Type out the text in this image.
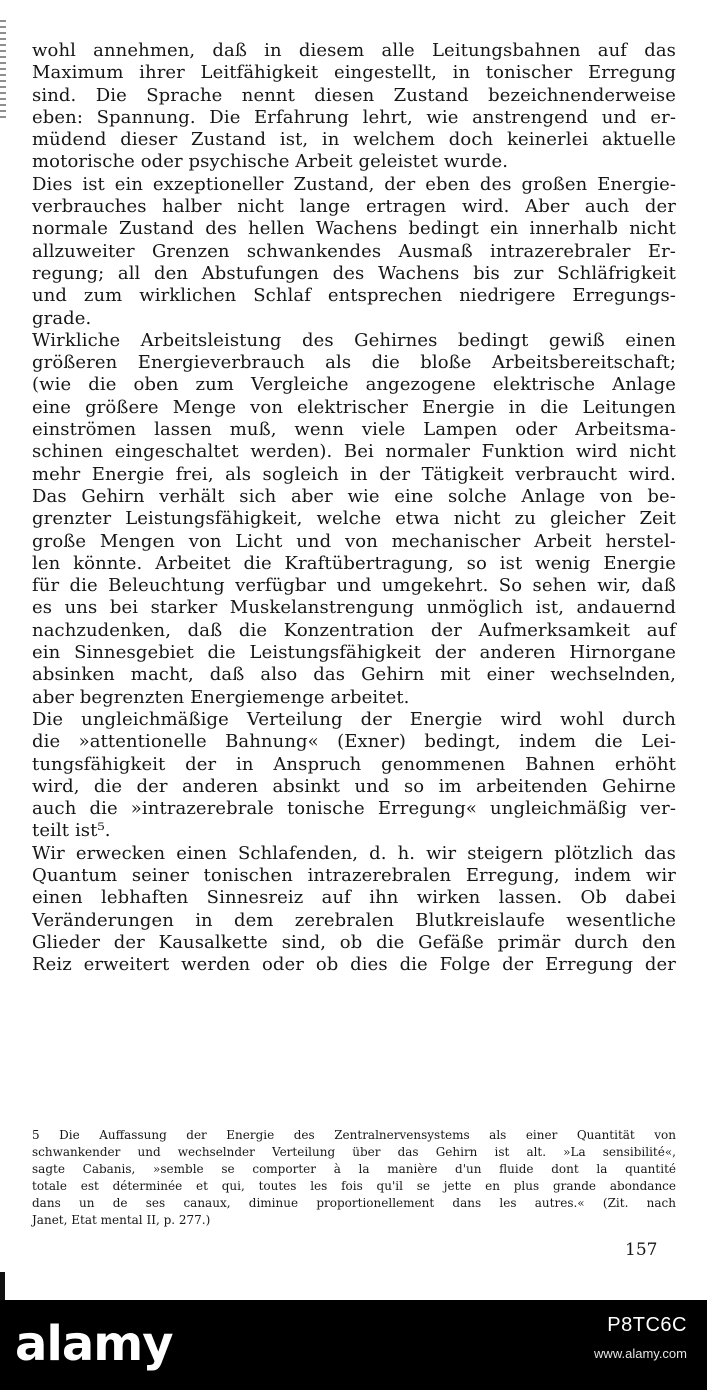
wohl annehmen, daß in diesem alle Leitungsbahnen auf das
Maximum ihrer Leitfähigkeit eingestellt, in tonischer Erregung
sind. Die Sprache nennt diesen Zustand bezeichnenderweise
eben: Spannung. Die Erfahrung lehrt, wie anstrengend und er-
müdend dieser Zustand ist, in welchem doch keinerlei aktuelle
motorische oder psychische Arbeit geleistet wurde.

Dies ist ein exzeptioneller Zustand, der eben des großen Energie-
verbrauches halber nicht lange ertragen wird. Aber auch der
normale Zustand des hellen Wachens bedingt ein innerhalb nicht
allzuweiter Grenzen schwankendes Ausmaß intrazerebraler Er-
regung; all den Abstufungen des Wachens bis zur Schläfrigkeit
und zum wirklichen Schlaf entsprechen niedrigere Erregungs-
grade.

Wirkliche Arbeitsleistung des Gehirnes bedingt gewiß einen
größeren Energieverbrauch als die bloße Arbeitsbereitschaft;
(wie die oben zum Vergleiche angezogene elektrische Anlage
eine größere Menge von elektrischer Energie in die Leitungen
einströmen lassen muß, wenn viele Lampen oder Arbeitsma-
schinen eingeschaltet werden). Bei normaler Funktion wird nicht
mehr Energie frei, als sogleich in der Tätigkeit verbraucht wird.
Das Gehirn verhält sich aber wie eine solche Anlage von be-
grenzter Leistungsfähigkeit, welche etwa nicht zu gleicher Zeit
große Mengen von Licht und von mechanischer Arbeit herstel-
len könnte. Arbeitet die Kraftübertragung, so ist wenig Energie
für die Beleuchtung verfügbar und umgekehrt. So sehen wir, daß
es uns bei starker Muskelanstrengung unmöglich ist, andauernd
nachzudenken, daß die Konzentration der Aufmerksamkeit auf
ein Sinnesgebiet die Leistungsfähigkeit der anderen Hirnorgane
absinken macht, daß also das Gehirn mit einer wechselnden,
aber begrenzten Energiemenge arbeitet.

Die ungleichmäßige Verteilung der Energie wird wohl durch
die »attentionelle Bahnung« (Exner) bedingt, indem die Lei-
tungsfähigkeit der in Anspruch genommenen Bahnen erhöht
wird, die der anderen absinkt und so im arbeitenden Gehirne
auch die »intrazerebrale tonische Erregung« ungleichmäßig ver-
teilt ist⁵.

Wir erwecken einen Schlafenden, d. h. wir steigern plötzlich das
Quantum seiner tonischen intrazerebralen Erregung, indem wir
einen lebhaften Sinnesreiz auf ihn wirken lassen. Ob dabei
Veränderungen in dem zerebralen Blutkreislaufe wesentliche
Glieder der Kausalkette sind, ob die Gefäße primär durch den
Reiz erweitert werden oder ob dies die Folge der Erregung der

5 Die Auffassung der Energie des Zentralnervensystems als einer Quantität von
schwankender und wechselnder Verteilung über das Gehirn ist alt. »La sensibilité«,
sagte Cabanis, »semble se comporter à la manière d'un fluide dont la quantité
totale est déterminée et qui, toutes les fois qu'il se jette en plus grande abondance
dans un de ses canaux, diminue proportionellement dans les autres.« (Zit. nach
Janet, Etat mental II, p. 277.)
157
alamy	P8TC6C
www.alamy.com
